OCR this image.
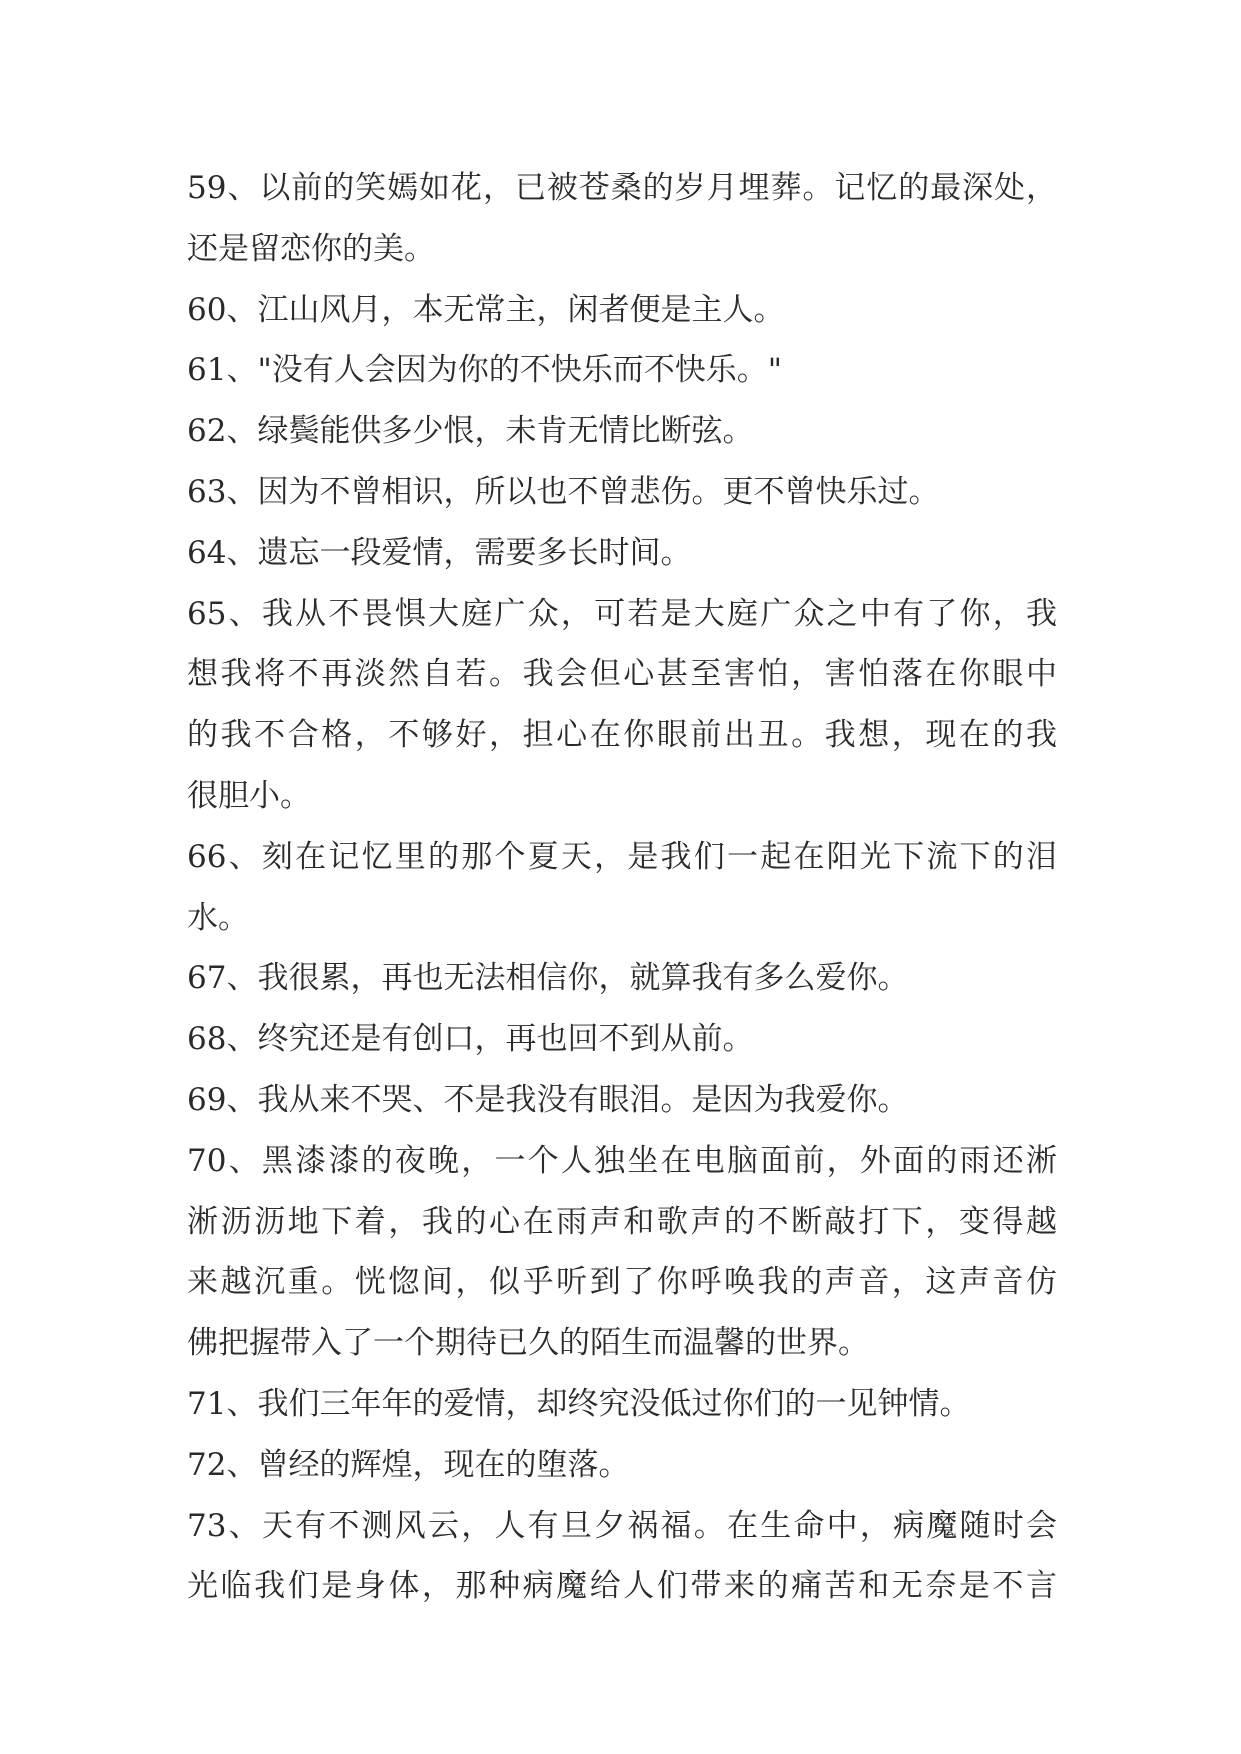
59、以前的笑嫣如花，已被苍桑的岁月埋葬。记忆的最深处，
还是留恋你的美。
60、江山风月，本无常主，闲者便是主人。
61、"没有人会因为你的不快乐而不快乐。"
62、绿鬓能供多少恨，未肯无情比断弦。
63、因为不曾相识，所以也不曾悲伤。更不曾快乐过。
64、遗忘一段爱情，需要多长时间。
65、我从不畏惧大庭广众，可若是大庭广众之中有了你，我
想我将不再淡然自若。我会但心甚至害怕，害怕落在你眼中
的我不合格，不够好，担心在你眼前出丑。我想，现在的我
很胆小。
66、刻在记忆里的那个夏天，是我们一起在阳光下流下的泪
水。
67、我很累，再也无法相信你，就算我有多么爱你。
68、终究还是有创口，再也回不到从前。
69、我从来不哭、不是我没有眼泪。是因为我爱你。
70、黑漆漆的夜晚，一个人独坐在电脑面前，外面的雨还淅
淅沥沥地下着，我的心在雨声和歌声的不断敲打下，变得越
来越沉重。恍惚间，似乎听到了你呼唤我的声音，这声音仿
佛把握带入了一个期待已久的陌生而温馨的世界。
71、我们三年年的爱情，却终究没低过你们的一见钟情。
72、曾经的辉煌，现在的堕落。
73、天有不测风云，人有旦夕祸福。在生命中，病魔随时会
光临我们是身体，那种病魔给人们带来的痛苦和无奈是不言
